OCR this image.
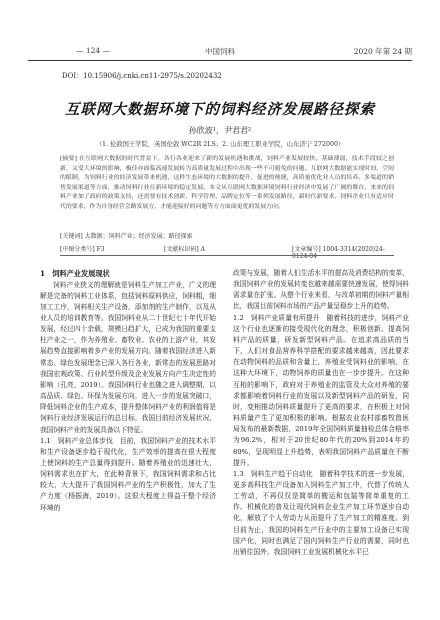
— 124 —	中国饲料	2020 年第 24 期
DOI：10.15906/j.cnki.cn11-2975/s.20202432
互联网大数据环境下的饲料经济发展路径探索
孙欣波¹，尹君君²
（1. 伦敦国王学院，英国伦敦 WC2R 2LS；2. 山东理工职业学院，山东济宁 272000）
[摘要] 在互联网大数据的时代背景下，各行各业迎来了新的发展机遇和挑战，饲料产业发展较快，基础薄弱，技术手段较之创新，又受大环境的影响，极佳亦面临高速发展转为高质量发展过程中出现一些不可避免的问题。互联网大数据能实现时间、空间的限制，为饲料行业的经济发展带来机遇，这样生态环境的大数据的提升，促进的便捷，高质量优化业人员的培养，多渠道的销售发展渠道等方面，推动饲料行业在新环境的稳定发展。本文从互联网大数据环境饲料行业经济中发展了广阔的舞台，来来的饲料产业加了政府的政策支持，还需要有技术创新，科学管理、品牌定位等一系列发展路径，新时代新要求、饲料企业只有适应时代的要求，作为自身经营会路发展方，才能迎接好的问题等方方面面更优的发展方向。
[关键词] 大数据；饲料产业；经济发展；路径探索
[中图分类号] F3	[文献标识码] A	[文章编号] 1004-3314(2020)24-0124-04
1　饲料产业发展现状

饲料产业狭义的理解就是饲料生产加工产业，广义的理解是完备的饲料工业体系，包括饲料原料供应，饲料粗，细加工工序，饲料相关生产设备，添加剂的生产制作，以及从业人员的培训教育等。我国饲料业从二十世纪七十年代开始发展，经过四十余载，规模日趋扩大，已成为我国的重要支柱产业之一，作为养殖业、畜牧业、农业的上游产业，其发展趋势直接影响着多产业的发展方向。随着我国经济进入新常态、绿色发展理念已深入各行各业，新常态的发展思路对我国宏观政策、行业转型升级及企业发展方向产生决定性的影响（孔亮，2019）。我国饲料行业也随之进入调整期，以高品质、绿色、环保为发展方向，进入一步的发展突破口，降低饲料企业的生产成本，提升整体饲料产业的利润值将是饲料行业经济发展运行的总目标，我国目前经济发展状况，我国饲料产业的发展具备以下特征。

1.1　饲料产业总体步伐　目前，我国饲料产业的技术水平和生产设备逐步趋于现代化，生产效率的提高在很大程度上使饲料的生产总量得到提升。随着养殖业的迅速壮大，饲料需求也在扩大，在此种背景下，我国饲料需求和占比较大，大大提升了我国饲料产业的生产积极性，加大了生产力度（杨振海，2019）。这很大程度上得益于整个经济环境的

政策与发展，随着人们生活水平的提高及消费结构的变革，我国饲料产业的发展转变也越来越需要快速发展，使得饲料需求量在扩张。从整个行业来看，与改革初期的饲料产量相比，我国目前饲料市场的产品产量呈稳步上升的趋势。

1.2　饲料产业质量有所提升　随着科技的进步，饲料产业这个行业也逐渐的接受现代化的理念，积极创新、提高饲料产品的质量，研发新型饲料产品。在追求高品质的当下，人们对食品营养科学搭配的要求越来越高，因此要求在动物饲料的品质和含量上，养殖业受饲料业的影响，在这种大环境下，动物饲养的质量也在一步步提升。在这种互相的影响下，政府对于养殖业的监管及大众对养殖的要求都影响着饲料行业的发展以及新型饲料产品的研发，同时，变相推动饲料质量提升了更高的要求，在积极上对饲料质量产生了更加积极的影响。根据农业农村部畜牧兽医局发布的最新数据，2019年全国饲料质量抽检总体合格率为96.2%，相对于20世纪80年代的20%到2014年的89%，呈现明显上升趋势，表明我国饲料产品质量在不断提升。
1.3　饲料生产趋于自动化　随着科学技术的进一步发展，更多高科技生产设备加入饲料生产加工中，代替了传统人工劳动，不再仅仅是简单的搬运和包装等简单重复的工作。机械化的普及让现代饲料企业生产加工环节逐步自动化，解放了个人劳动力从而提升了生产加工的精准度。到目前为止，我国的饲料生产行业中的主要加工设备已实现国产化，同时也满足了国内饲料生产行业的需要，同时也出销往国外。我国饲料工业发展机械化水平已
